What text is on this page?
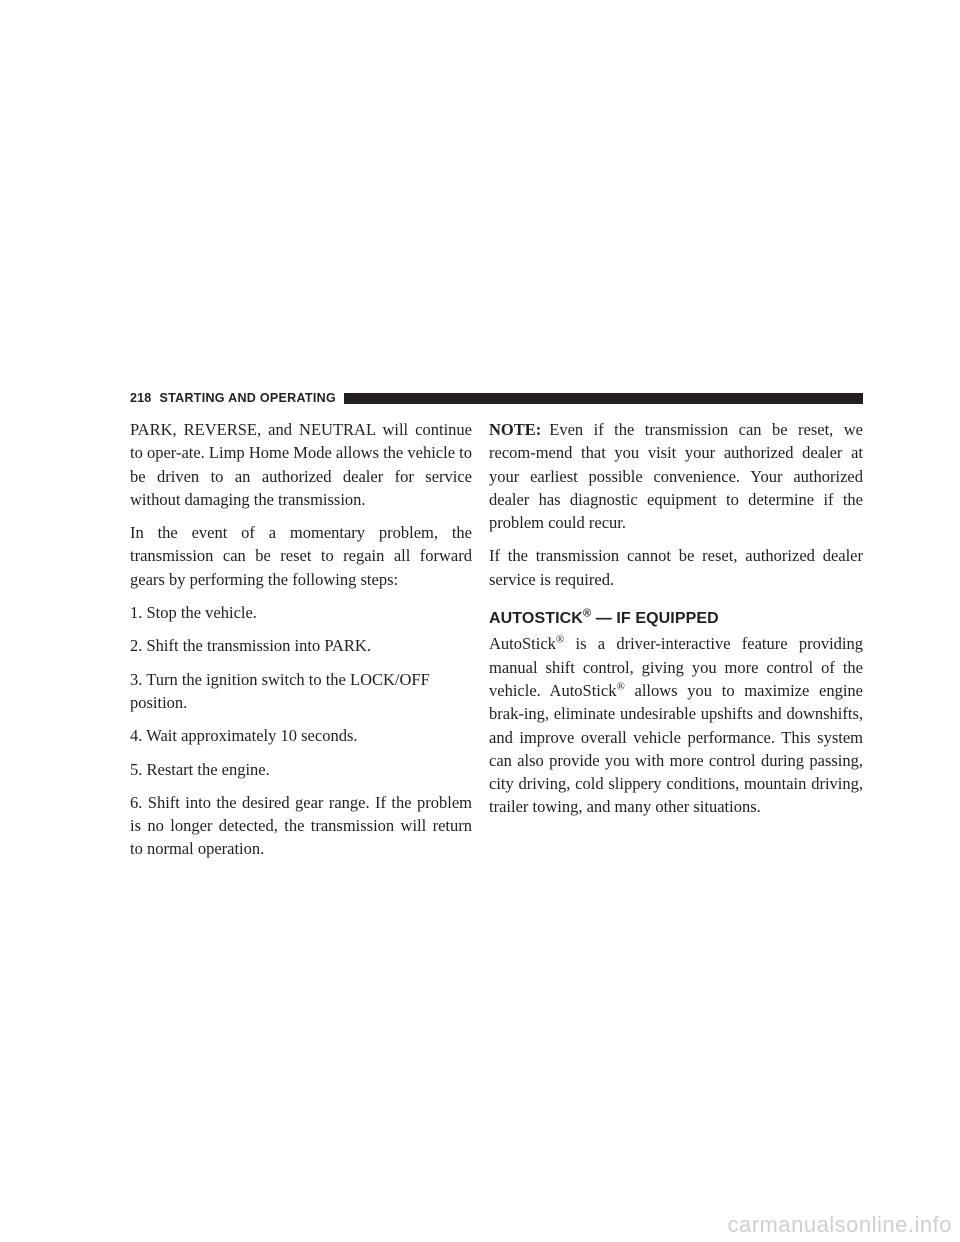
218 STARTING AND OPERATING

PARK, REVERSE, and NEUTRAL will continue to oper-ate. Limp Home Mode allows the vehicle to be driven to an authorized dealer for service without damaging the transmission.

In the event of a momentary problem, the transmission can be reset to regain all forward gears by performing the following steps:

1. Stop the vehicle.

2. Shift the transmission into PARK.

3. Turn the ignition switch to the LOCK/OFF position.

4. Wait approximately 10 seconds.

5. Restart the engine.

6. Shift into the desired gear range. If the problem is no longer detected, the transmission will return to normal operation.

NOTE: Even if the transmission can be reset, we recom-mend that you visit your authorized dealer at your earliest possible convenience. Your authorized dealer has diagnostic equipment to determine if the problem could recur.

If the transmission cannot be reset, authorized dealer service is required.

AUTOSTICK® — IF EQUIPPED

AutoStick® is a driver-interactive feature providing manual shift control, giving you more control of the vehicle. AutoStick® allows you to maximize engine brak-ing, eliminate undesirable upshifts and downshifts, and improve overall vehicle performance. This system can also provide you with more control during passing, city driving, cold slippery conditions, mountain driving, trailer towing, and many other situations.

carmanualsonline.info
